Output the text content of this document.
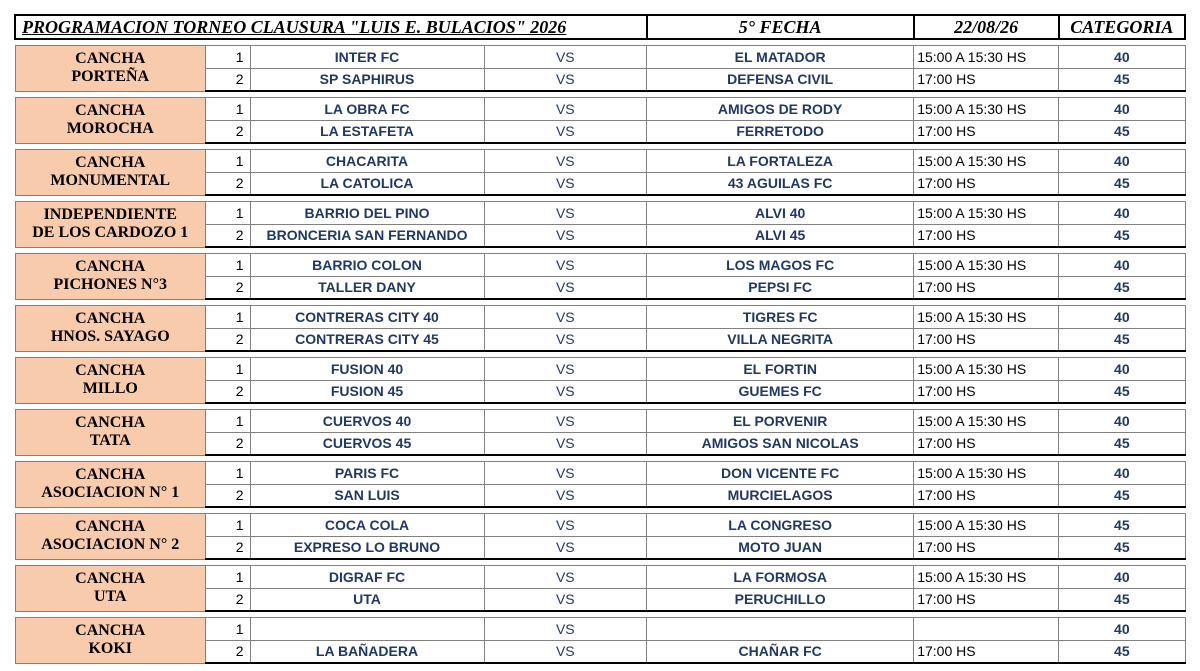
PROGRAMACION TORNEO CLAUSURA "LUIS E. BULACIOS" 2026				5° FECHA	22/08/26	CATEGORIA

CANCHA
PORTEÑA	1	INTER FC	VS	EL MATADOR	15:00 A 15:30 HS	40
	2	SP SAPHIRUS	VS	DEFENSA CIVIL	17:00 HS	45

CANCHA
MOROCHA	1	LA OBRA FC	VS	AMIGOS DE RODY	15:00 A 15:30 HS	40
	2	LA ESTAFETA	VS	FERRETODO	17:00 HS	45

CANCHA
MONUMENTAL	1	CHACARITA	VS	LA FORTALEZA	15:00 A 15:30 HS	40
	2	LA CATOLICA	VS	43 AGUILAS FC	17:00 HS	45

INDEPENDIENTE
DE LOS CARDOZO 1	1	BARRIO DEL PINO	VS	ALVI 40	15:00 A 15:30 HS	40
	2	BRONCERIA SAN FERNANDO	VS	ALVI 45	17:00 HS	45

CANCHA
PICHONES N°3	1	BARRIO COLON	VS	LOS MAGOS FC	15:00 A 15:30 HS	40
	2	TALLER DANY	VS	PEPSI FC	17:00 HS	45

CANCHA
HNOS. SAYAGO	1	CONTRERAS CITY 40	VS	TIGRES FC	15:00 A 15:30 HS	40
	2	CONTRERAS CITY 45	VS	VILLA NEGRITA	17:00 HS	45

CANCHA
MILLO	1	FUSION 40	VS	EL FORTIN	15:00 A 15:30 HS	40
	2	FUSION 45	VS	GUEMES FC	17:00 HS	45

CANCHA
TATA	1	CUERVOS 40	VS	EL PORVENIR	15:00 A 15:30 HS	40
	2	CUERVOS 45	VS	AMIGOS SAN NICOLAS	17:00 HS	45

CANCHA
ASOCIACION N° 1	1	PARIS FC	VS	DON VICENTE FC	15:00 A 15:30 HS	40
	2	SAN LUIS	VS	MURCIELAGOS	17:00 HS	45

CANCHA
ASOCIACION N° 2	1	COCA COLA	VS	LA CONGRESO	15:00 A 15:30 HS	45
	2	EXPRESO LO BRUNO	VS	MOTO JUAN	17:00 HS	45

CANCHA
UTA	1	DIGRAF FC	VS	LA FORMOSA	15:00 A 15:30 HS	40
	2	UTA	VS	PERUCHILLO	17:00 HS	45

CANCHA
KOKI	1		VS			40
	2	LA BAÑADERA	VS	CHAÑAR FC	17:00 HS	45
